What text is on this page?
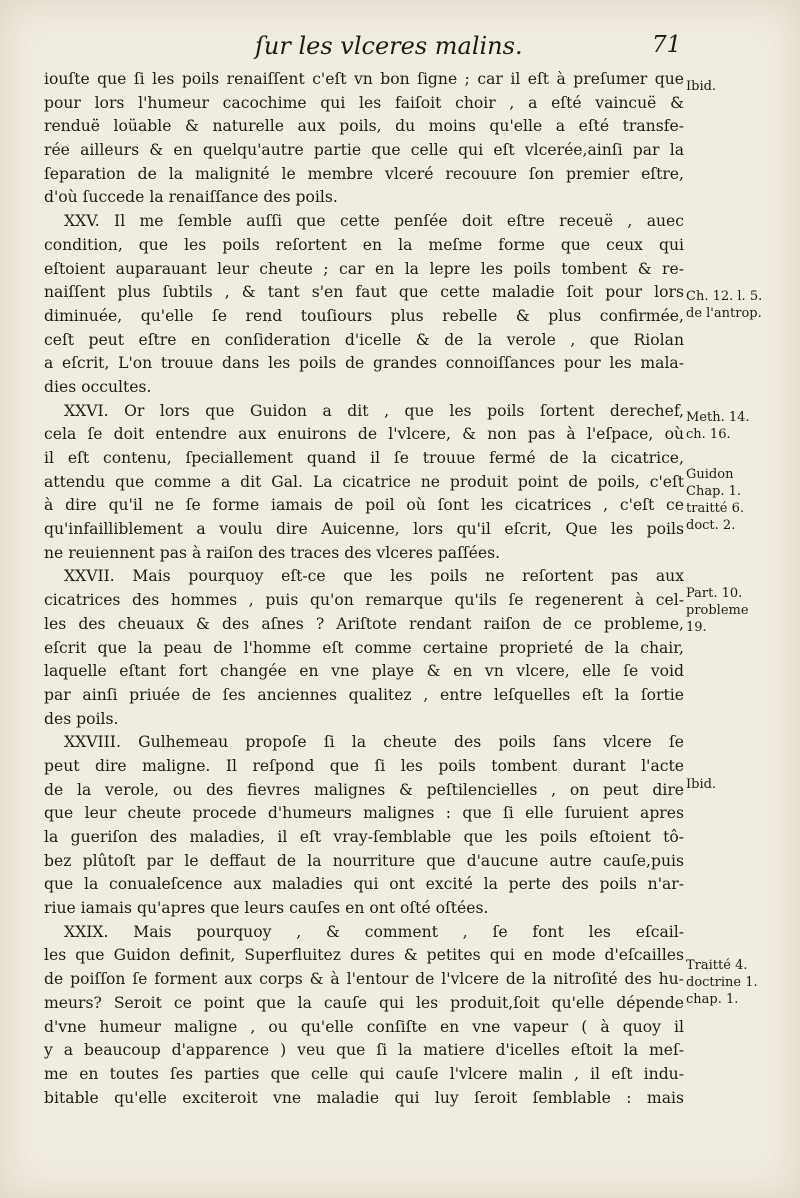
ſur les vlceres malins.	71
iouſte que ſi les poils renaiſſent c'eſt vn bon ſigne ; car il eſt à preſumer que
pour lors l'humeur cacochime qui les faiſoit choir , a eſté vaincuë &
renduë loüable & naturelle aux poils, du moins qu'elle a eſté transfe-
rée ailleurs & en quelqu'autre partie que celle qui eſt vlcerée,ainſi par la
ſeparation de la malignité le membre vlceré recouure ſon premier eſtre,
d'où ſuccede la renaiſſance des poils.
XXV. Il me ſemble auſſi que cette penſée doit eſtre receuë , auec
condition, que les poils reſortent en la meſme forme que ceux qui
eſtoient auparauant leur cheute ; car en la lepre les poils tombent & re-
naiſſent plus ſubtils , & tant s'en faut que cette maladie ſoit pour lors
diminuée, qu'elle ſe rend touſiours plus rebelle & plus confirmée,
ceſt peut eſtre en conſideration d'icelle & de la verole , que Riolan
a eſcrit, L'on trouue dans les poils de grandes connoiſſances pour les mala-
dies occultes.
XXVI. Or lors que Guidon a dit , que les poils ſortent derechef,
cela ſe doit entendre aux enuirons de l'vlcere, & non pas à l'eſpace, où
il eſt contenu, ſpeciallement quand il ſe trouue fermé de la cicatrice,
attendu que comme a dit Gal. La cicatrice ne produit point de poils, c'eſt
à dire qu'il ne ſe forme iamais de poil où ſont les cicatrices , c'eſt ce
qu'infailliblement a voulu dire Auicenne, lors qu'il eſcrit, Que les poils
ne reuiennent pas à raiſon des traces des vlceres paſſées.
XXVII. Mais pourquoy eſt-ce que les poils ne reſortent pas aux
cicatrices des hommes , puis qu'on remarque qu'ils ſe regenerent à cel-
les des cheuaux & des aſnes ? Ariſtote rendant raiſon de ce probleme,
eſcrit que la peau de l'homme eſt comme certaine proprieté de la chair,
laquelle eſtant fort changée en vne playe & en vn vlcere, elle ſe void
par ainſi priuée de ſes anciennes qualitez , entre leſquelles eſt la ſortie
des poils.
XXVIII. Gulhemeau propoſe ſi la cheute des poils ſans vlcere ſe
peut dire maligne. Il reſpond que ſi les poils tombent durant l'acte
de la verole, ou des fievres malignes & peſtilencielles , on peut dire
que leur cheute procede d'humeurs malignes : que ſi elle ſuruient apres
la gueriſon des maladies, il eſt vray-ſemblable que les poils eſtoient tô-
bez plûtoſt par le deffaut de la nourriture que d'aucune autre cauſe,puis
que la conualeſcence aux maladies qui ont excité la perte des poils n'ar-
riue iamais qu'apres que leurs cauſes en ont oſté oſtées.
XXIX. Mais pourquoy , & comment , ſe font les eſcail-
les que Guidon definit, Superfluitez dures & petites qui en mode d'eſcailles
de poiſſon ſe forment aux corps & à l'entour de l'vlcere de la nitroſité des hu-
meurs? Seroit ce point que la cauſe qui les produit,ſoit qu'elle dépende
d'vne humeur maligne , ou qu'elle conſiſte en vne vapeur ( à quoy il
y a beaucoup d'apparence ) veu que ſi la matiere d'icelles eſtoit la meſ-
me en toutes ſes parties que celle qui cauſe l'vlcere malin , il eſt indu-
bitable qu'elle exciteroit vne maladie qui luy ſeroit ſemblable : mais
Ibid.
Ch. 12. l. 5.
de l'antrop.
Meth. 14.
ch. 16.
Guidon
Chap. 1.
traitté 6.
doct. 2.
Part. 10.
probleme
19.
Ibid.
Traitté 4.
doctrine 1.
chap. 1.
